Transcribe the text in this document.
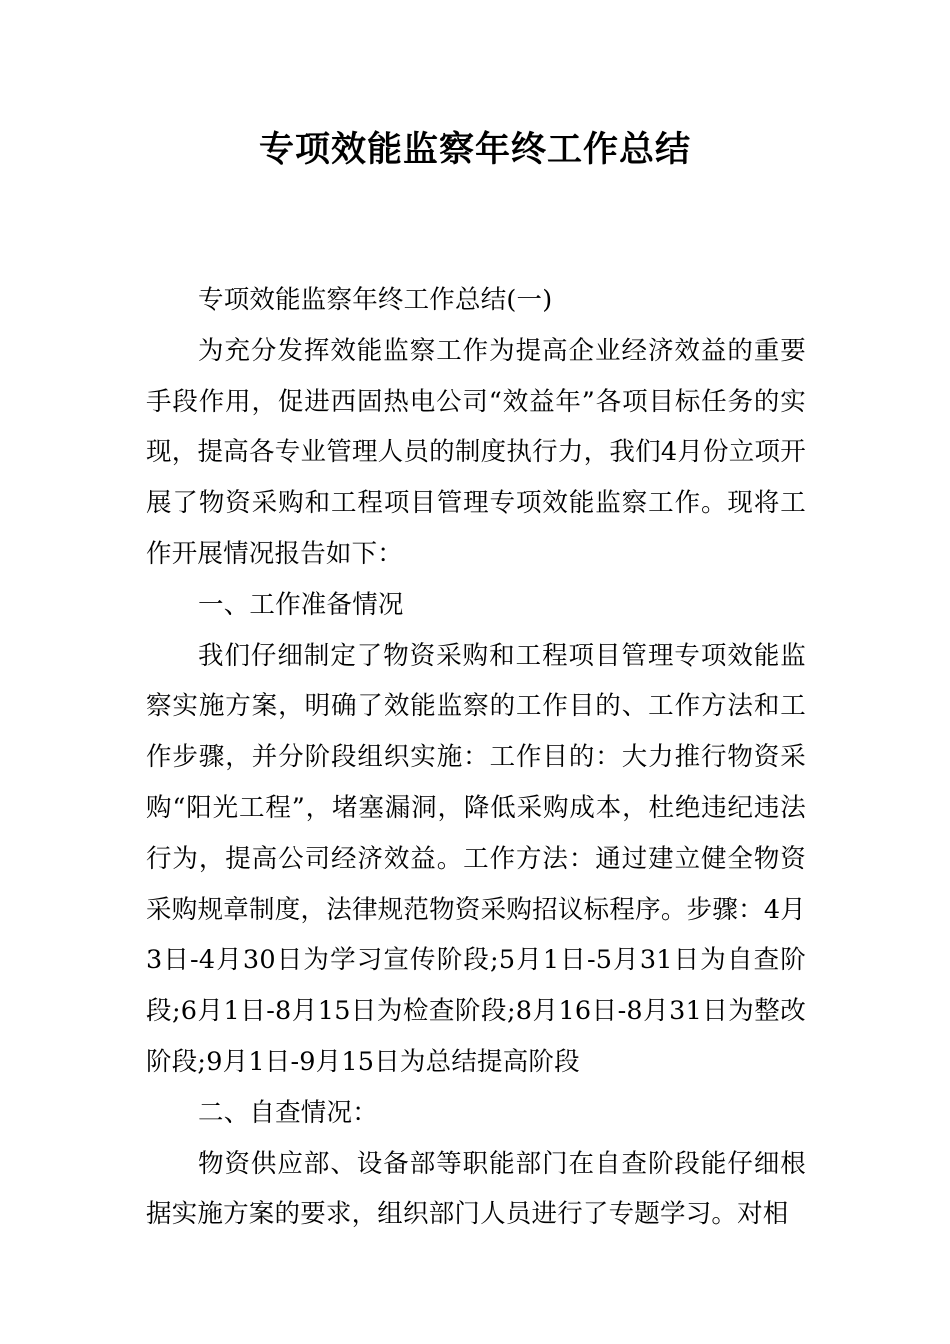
专项效能监察年终工作总结

专项效能监察年终工作总结(一)

为充分发挥效能监察工作为提高企业经济效益的重要手段作用，促进西固热电公司“效益年”各项目标任务的实现，提高各专业管理人员的制度执行力，我们4月份立项开展了物资采购和工程项目管理专项效能监察工作。现将工作开展情况报告如下：

一、工作准备情况

我们仔细制定了物资采购和工程项目管理专项效能监察实施方案，明确了效能监察的工作目的、工作方法和工作步骤，并分阶段组织实施：工作目的：大力推行物资采购“阳光工程”，堵塞漏洞，降低采购成本，杜绝违纪违法行为，提高公司经济效益。工作方法：通过建立健全物资采购规章制度，法律规范物资采购招议标程序。步骤：4月3日-4月30日为学习宣传阶段;5月1日-5月31日为自查阶段;6月1日-8月15日为检查阶段;8月16日-8月31日为整改阶段;9月1日-9月15日为总结提高阶段

二、自查情况：

物资供应部、设备部等职能部门在自查阶段能仔细根据实施方案的要求，组织部门人员进行了专题学习。对相
